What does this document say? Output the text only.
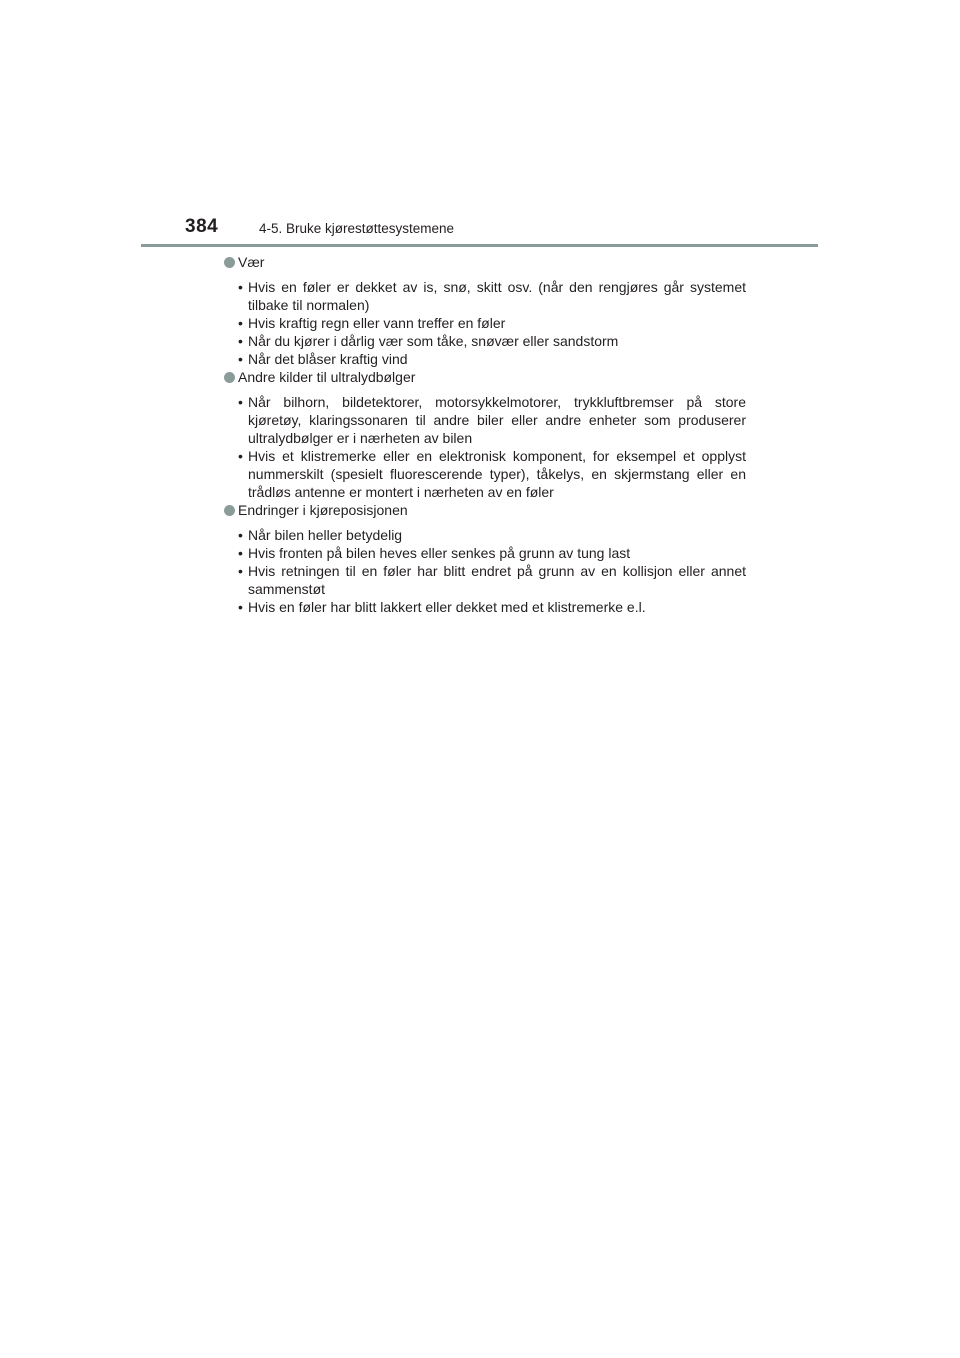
384	4-5. Bruke kjørestøttesystemene
Vær
• Hvis en føler er dekket av is, snø, skitt osv. (når den rengjøres går systemet tilbake til normalen)
• Hvis kraftig regn eller vann treffer en føler
• Når du kjører i dårlig vær som tåke, snøvær eller sandstorm
• Når det blåser kraftig vind
Andre kilder til ultralydbølger
• Når bilhorn, bildetektorer, motorsykkelmotorer, trykkluftbremser på store kjøretøy, klaringssonaren til andre biler eller andre enheter som produserer ultralydbølger er i nærheten av bilen
• Hvis et klistremerke eller en elektronisk komponent, for eksempel et opplyst nummerskilt (spesielt fluorescerende typer), tåkelys, en skjermstang eller en trådløs antenne er montert i nærheten av en føler
Endringer i kjøreposisjonen
• Når bilen heller betydelig
• Hvis fronten på bilen heves eller senkes på grunn av tung last
• Hvis retningen til en føler har blitt endret på grunn av en kollisjon eller annet sammenstøt
• Hvis en føler har blitt lakkert eller dekket med et klistremerke e.l.
